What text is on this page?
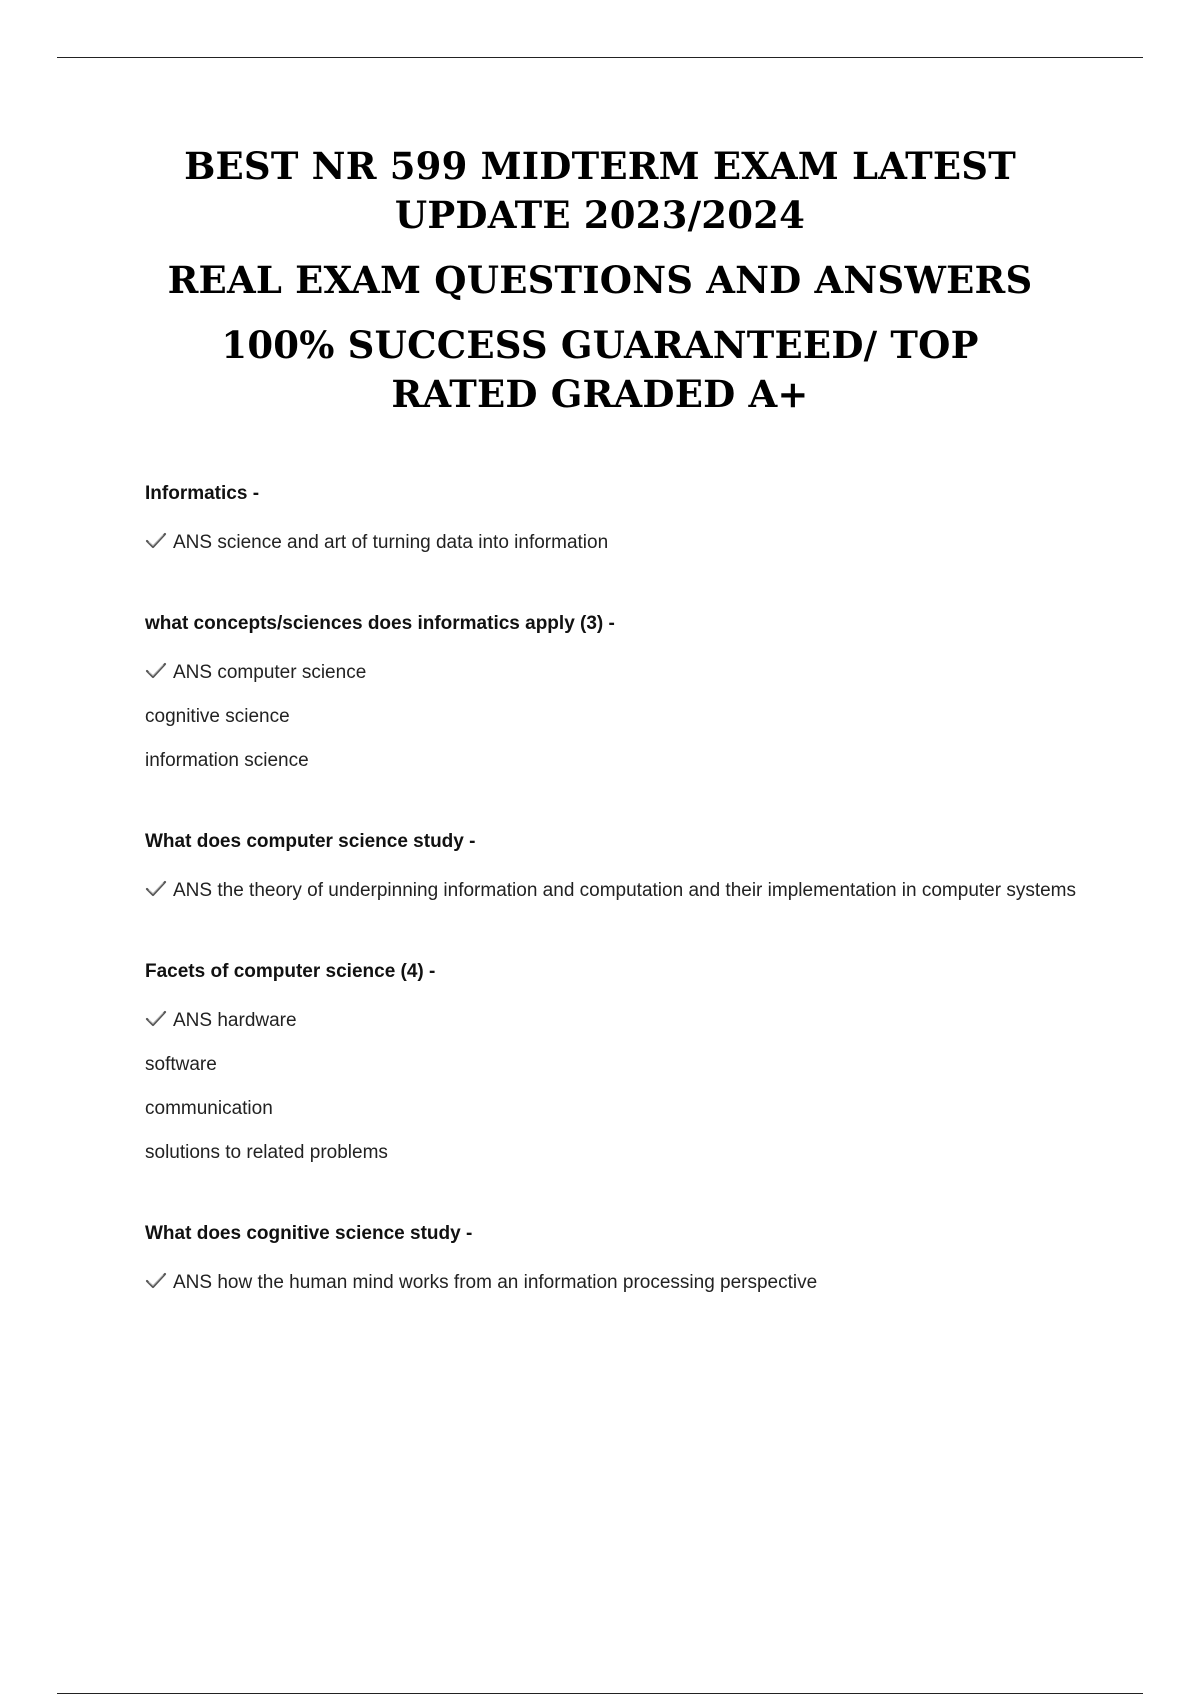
BEST NR 599 MIDTERM EXAM LATEST

UPDATE 2023/2024

REAL EXAM QUESTIONS AND ANSWERS

100% SUCCESS GUARANTEED/ TOP

RATED GRADED A+

Informatics -

ANS science and art of turning data into information

what concepts/sciences does informatics apply (3) -

ANS computer science

cognitive science

information science

What does computer science study -

ANS the theory of underpinning information and computation and their implementation in computer systems

Facets of computer science (4) -

ANS hardware

software

communication

solutions to related problems

What does cognitive science study -

ANS how the human mind works from an information processing perspective
